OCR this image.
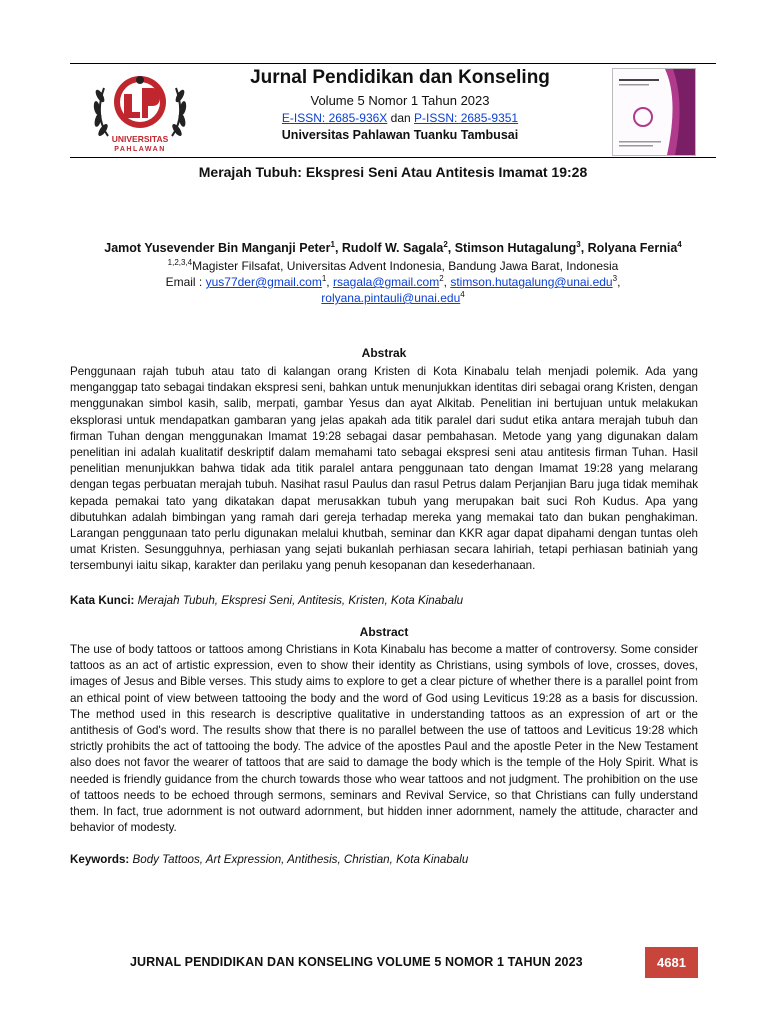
UNIVERSITAS
PAHLAWAN
Jurnal Pendidikan dan Konseling
Volume 5 Nomor 1 Tahun 2023
E-ISSN: 2685-936X dan P-ISSN: 2685-9351
Universitas Pahlawan Tuanku Tambusai
Merajah Tubuh: Ekspresi Seni Atau Antitesis Imamat 19:28
Jamot Yusevender Bin Manganji Peter$^1$, Rudolf W. Sagala$^2$, Stimson Hutagalung$^3$, Rolyana Fernia$^4$
$^{1,2,3,4}$Magister Filsafat, Universitas Advent Indonesia, Bandung Jawa Barat, Indonesia
Email : yus77der@gmail.com$^1$, rsagala@gmail.com$^2$, stimson.hutagalung@unai.edu$^3$,
rolyana.pintauli@unai.edu$^4$
Abstrak

Penggunaan rajah tubuh atau tato di kalangan orang Kristen di Kota Kinabalu telah menjadi polemik. Ada yang menganggap tato sebagai tindakan ekspresi seni, bahkan untuk menunjukkan identitas diri sebagai orang Kristen, dengan menggunakan simbol kasih, salib, merpati, gambar Yesus dan ayat Alkitab. Penelitian ini bertujuan untuk melakukan eksplorasi untuk mendapatkan gambaran yang jelas apakah ada titik paralel dari sudut etika antara merajah tubuh dan firman Tuhan dengan menggunakan Imamat 19:28 sebagai dasar pembahasan. Metode yang yang digunakan dalam penelitian ini adalah kualitatif deskriptif dalam memahami tato sebagai ekspresi seni atau antitesis firman Tuhan. Hasil penelitian menunjukkan bahwa tidak ada titik paralel antara penggunaan tato dengan Imamat 19:28 yang melarang dengan tegas perbuatan merajah tubuh. Nasihat rasul Paulus dan rasul Petrus dalam Perjanjian Baru juga tidak memihak kepada pemakai tato yang dikatakan dapat merusakkan tubuh yang merupakan bait suci Roh Kudus. Apa yang dibutuhkan adalah bimbingan yang ramah dari gereja terhadap mereka yang memakai tato dan bukan penghakiman. Larangan penggunaan tato perlu digunakan melalui khutbah, seminar dan KKR agar dapat dipahami dengan tuntas oleh umat Kristen. Sesungguhnya, perhiasan yang sejati bukanlah perhiasan secara lahiriah, tetapi perhiasan batiniah yang tersembunyi iaitu sikap, karakter dan perilaku yang penuh kesopanan dan kesederhanaan.

Kata Kunci: Merajah Tubuh, Ekspresi Seni, Antitesis, Kristen, Kota Kinabalu
Abstract

The use of body tattoos or tattoos among Christians in Kota Kinabalu has become a matter of controversy. Some consider tattoos as an act of artistic expression, even to show their identity as Christians, using symbols of love, crosses, doves, images of Jesus and Bible verses. This study aims to explore to get a clear picture of whether there is a parallel point from an ethical point of view between tattooing the body and the word of God using Leviticus 19:28 as a basis for discussion. The method used in this research is descriptive qualitative in understanding tattoos as an expression of art or the antithesis of God's word. The results show that there is no parallel between the use of tattoos and Leviticus 19:28 which strictly prohibits the act of tattooing the body. The advice of the apostles Paul and the apostle Peter in the New Testament also does not favor the wearer of tattoos that are said to damage the body which is the temple of the Holy Spirit. What is needed is friendly guidance from the church towards those who wear tattoos and not judgment. The prohibition on the use of tattoos needs to be echoed through sermons, seminars and Revival Service, so that Christians can fully understand them. In fact, true adornment is not outward adornment, but hidden inner adornment, namely the attitude, character and behavior of modesty.

Keywords: Body Tattoos, Art Expression, Antithesis, Christian, Kota Kinabalu
JURNAL PENDIDIKAN DAN KONSELING VOLUME 5 NOMOR 1 TAHUN 2023	4681
